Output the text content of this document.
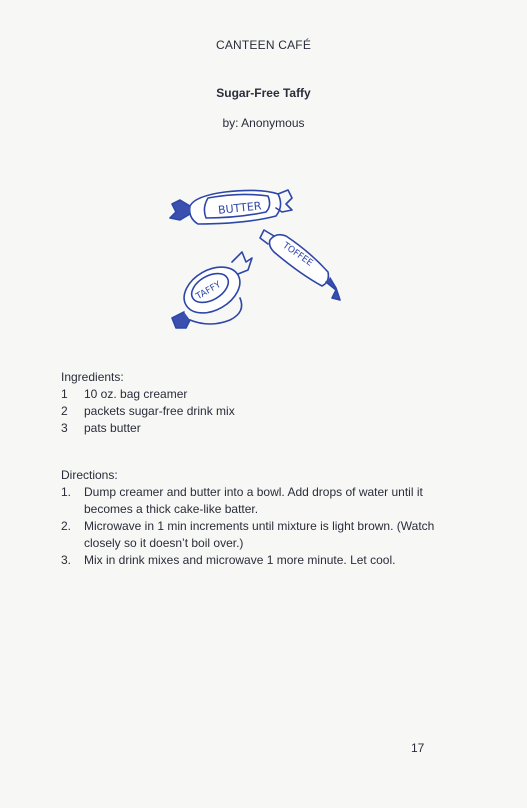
CANTEEN CAFÉ
Sugar-Free Taffy
by: Anonymous
BUTTER
TOFFEE
TAFFY
Ingredients:
1	10 oz. bag creamer
2	packets sugar-free drink mix
3	pats butter
Directions:
1.	Dump creamer and butter into a bowl. Add drops of water until it becomes a thick cake-like batter.
2.	Microwave in 1 min increments until mixture is light brown. (Watch closely so it doesn’t boil over.)
3.	Mix in drink mixes and microwave 1 more minute. Let cool.
17
